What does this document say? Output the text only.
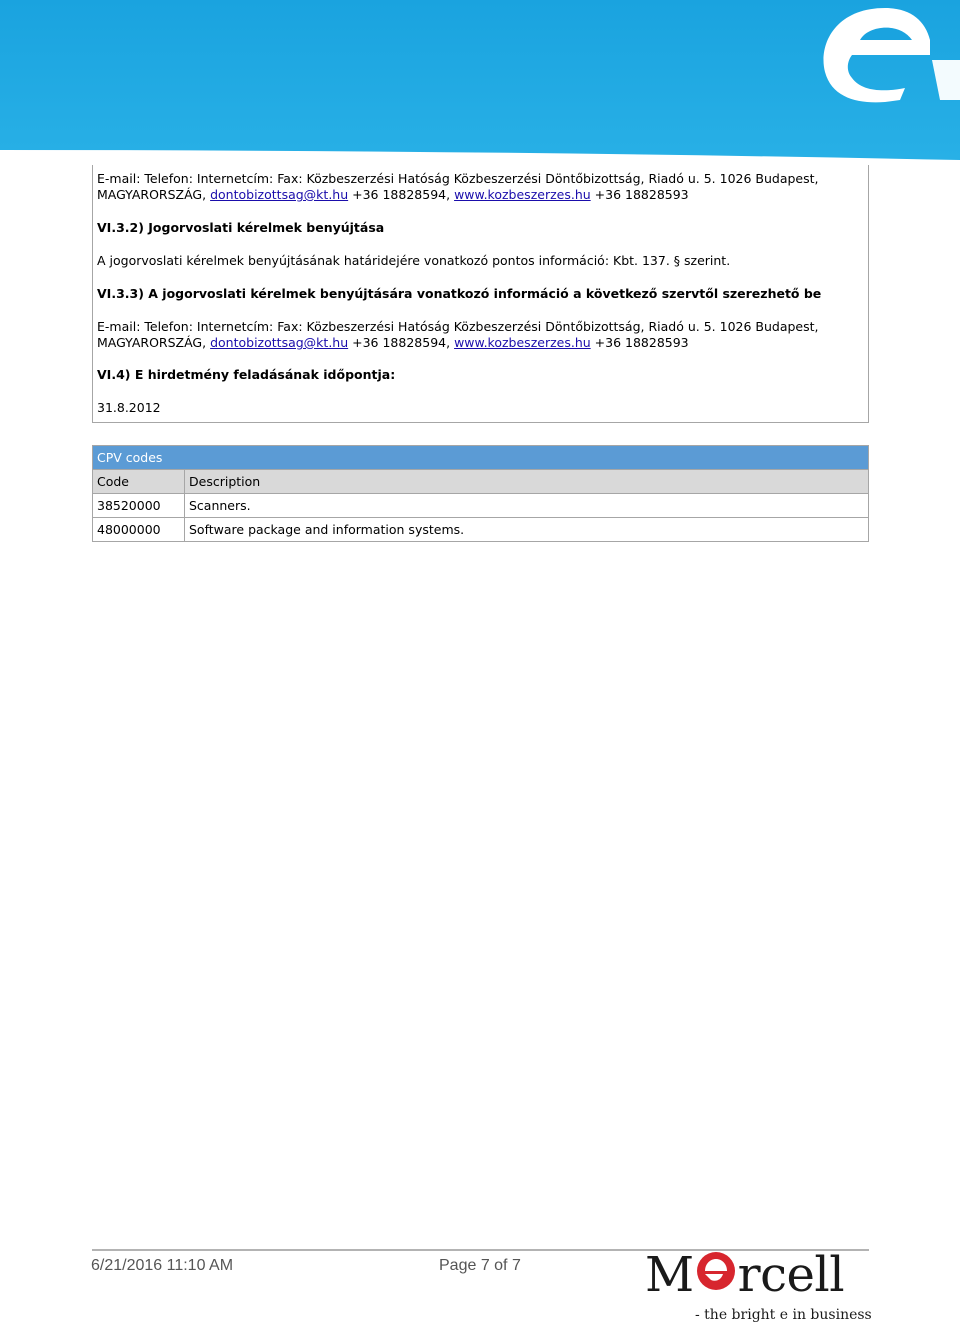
E-mail: Telefon: Internetcím: Fax: Közbeszerzési Hatóság Közbeszerzési Döntőbizottság, Riadó u. 5. 1026 Budapest,
MAGYARORSZÁG, dontobizottsag@kt.hu +36 18828594, www.kozbeszerzes.hu +36 18828593
VI.3.2) Jogorvoslati kérelmek benyújtása
A jogorvoslati kérelmek benyújtásának határidejére vonatkozó pontos információ: Kbt. 137. § szerint.
VI.3.3) A jogorvoslati kérelmek benyújtására vonatkozó információ a következő szervtől szerezhető be
E-mail: Telefon: Internetcím: Fax: Közbeszerzési Hatóság Közbeszerzési Döntőbizottság, Riadó u. 5. 1026 Budapest,
MAGYARORSZÁG, dontobizottsag@kt.hu +36 18828594, www.kozbeszerzes.hu +36 18828593
VI.4) E hirdetmény feladásának időpontja:
31.8.2012
CPV codes	
Code	Description
38520000	Scanners.
48000000	Software package and information systems.
6/21/2016 11:10 AM	Page 7 of 7	M rcell
- the bright e in business
